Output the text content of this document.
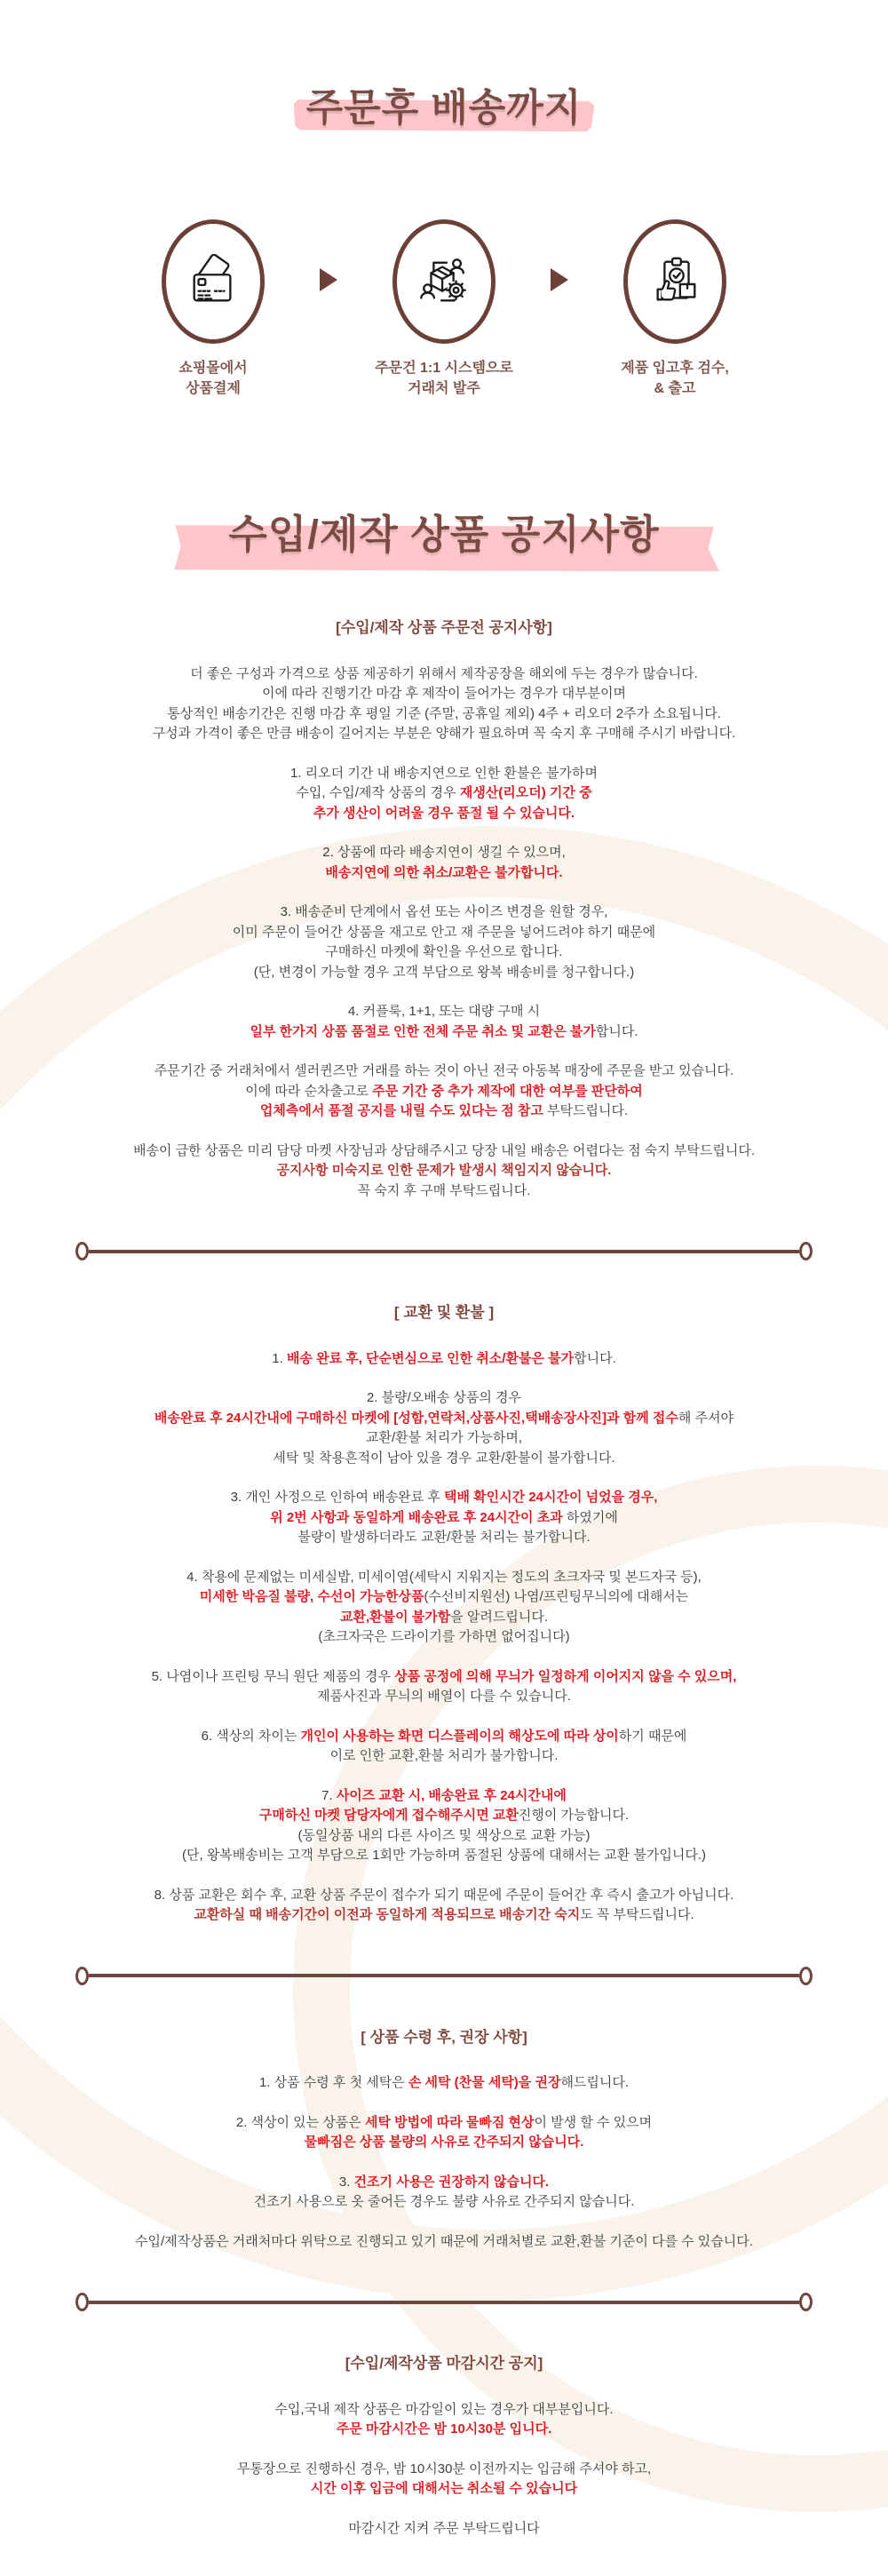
주문후 배송까지
쇼핑몰에서
상품결제
주문건 1:1 시스템으로
거래처 발주
제품 입고후 검수,
& 출고
수입/제작 상품 공지사항
[수입/제작 상품 주문전 공지사항]

더 좋은 구성과 가격으로 상품 제공하기 위해서 제작공장을 해외에 두는 경우가 많습니다.
이에 따라 진행기간 마감 후 제작이 들어가는 경우가 대부분이며
통상적인 배송기간은 진행 마감 후 평일 기준 (주말, 공휴일 제외) 4주 + 리오더 2주가 소요됩니다.
구성과 가격이 좋은 만큼 배송이 길어지는 부분은 양해가 필요하며 꼭 숙지 후 구매해 주시기 바랍니다.

1. 리오더 기간 내 배송지연으로 인한 환불은 불가하며
수입, 수입/제작 상품의 경우 재생산(리오더) 기간 중
추가 생산이 어려울 경우 품절 될 수 있습니다.

2. 상품에 따라 배송지연이 생길 수 있으며,
배송지연에 의한 취소/교환은 불가합니다.

3. 배송준비 단계에서 옵션 또는 사이즈 변경을 원할 경우,
이미 주문이 들어간 상품을 재고로 안고 재 주문을 넣어드려야 하기 때문에
구매하신 마켓에 확인을 우선으로 합니다.
(단, 변경이 가능할 경우 고객 부담으로 왕복 배송비를 청구합니다.)

4. 커플룩, 1+1, 또는 대량 구매 시
일부 한가지 상품 품절로 인한 전체 주문 취소 및 교환은 불가합니다.

주문기간 중 거래처에서 셀러퀸즈만 거래를 하는 것이 아닌 전국 아동복 매장에 주문을 받고 있습니다.
이에 따라 순차출고로 주문 기간 중 추가 제작에 대한 여부를 판단하여
업체측에서 품절 공지를 내릴 수도 있다는 점 참고 부탁드립니다.

배송이 급한 상품은 미리 담당 마켓 사장님과 상담해주시고 당장 내일 배송은 어렵다는 점 숙지 부탁드립니다.
공지사항 미숙지로 인한 문제가 발생시 책임지지 않습니다.
꼭 숙지 후 구매 부탁드립니다.

[ 교환 및 환불 ]

1. 배송 완료 후, 단순변심으로 인한 취소/환불은 불가합니다.

2. 불량/오배송 상품의 경우
배송완료 후 24시간내에 구매하신 마켓에 [성함,연락처,상품사진,택배송장사진]과 함께 접수해 주셔야
교환/환불 처리가 가능하며,
세탁 및 착용흔적이 남아 있을 경우 교환/환불이 불가합니다.

3. 개인 사정으로 인하여 배송완료 후 택배 확인시간 24시간이 넘었을 경우,
위 2번 사항과 동일하게 배송완료 후 24시간이 초과 하였기에
불량이 발생하더라도 교환/환불 처리는 불가합니다.

4. 착용에 문제없는 미세실밥, 미세이염(세탁시 지워지는 정도의 초크자국 및 본드자국 등),
미세한 박음질 불량, 수선이 가능한상품(수선비지원선) 나염/프린팅무늬의에 대해서는
교환,환불이 불가함을 알려드립니다.
(초크자국은 드라이기를 가하면 없어집니다)

5. 나염이나 프린팅 무늬 원단 제품의 경우 상품 공정에 의해 무늬가 일정하게 이어지지 않을 수 있으며,
제품사진과 무늬의 배열이 다를 수 있습니다.

6. 색상의 차이는 개인이 사용하는 화면 디스플레이의 해상도에 따라 상이하기 때문에
이로 인한 교환,환불 처리가 불가합니다.

7. 사이즈 교환 시, 배송완료 후 24시간내에
구매하신 마켓 담당자에게 접수해주시면 교환진행이 가능합니다.
(동일상품 내의 다른 사이즈 및 색상으로 교환 가능)
(단, 왕복배송비는 고객 부담으로 1회만 가능하며 품절된 상품에 대해서는 교환 불가입니다.)

8. 상품 교환은 회수 후, 교환 상품 주문이 접수가 되기 때문에 주문이 들어간 후 즉시 출고가 아닙니다.
교환하실 때 배송기간이 이전과 동일하게 적용되므로 배송기간 숙지도 꼭 부탁드립니다.

[ 상품 수령 후, 권장 사항]

1. 상품 수령 후 첫 세탁은 손 세탁 (찬물 세탁)을 권장해드립니다.

2. 색상이 있는 상품은 세탁 방법에 따라 물빠짐 현상이 발생 할 수 있으며
물빠짐은 상품 불량의 사유로 간주되지 않습니다.

3. 건조기 사용은 권장하지 않습니다.
건조기 사용으로 옷 줄어든 경우도 불량 사유로 간주되지 않습니다.

수입/제작상품은 거래처마다 위탁으로 진행되고 있기 때문에 거래처별로 교환,환불 기준이 다를 수 있습니다.

[수입/제작상품 마감시간 공지]

수입,국내 제작 상품은 마감일이 있는 경우가 대부분입니다.
주문 마감시간은 밤 10시30분 입니다.

무통장으로 진행하신 경우, 밤 10시30분 이전까지는 입금해 주셔야 하고,
시간 이후 입금에 대해서는 취소될 수 있습니다

마감시간 지켜 주문 부탁드립니다
